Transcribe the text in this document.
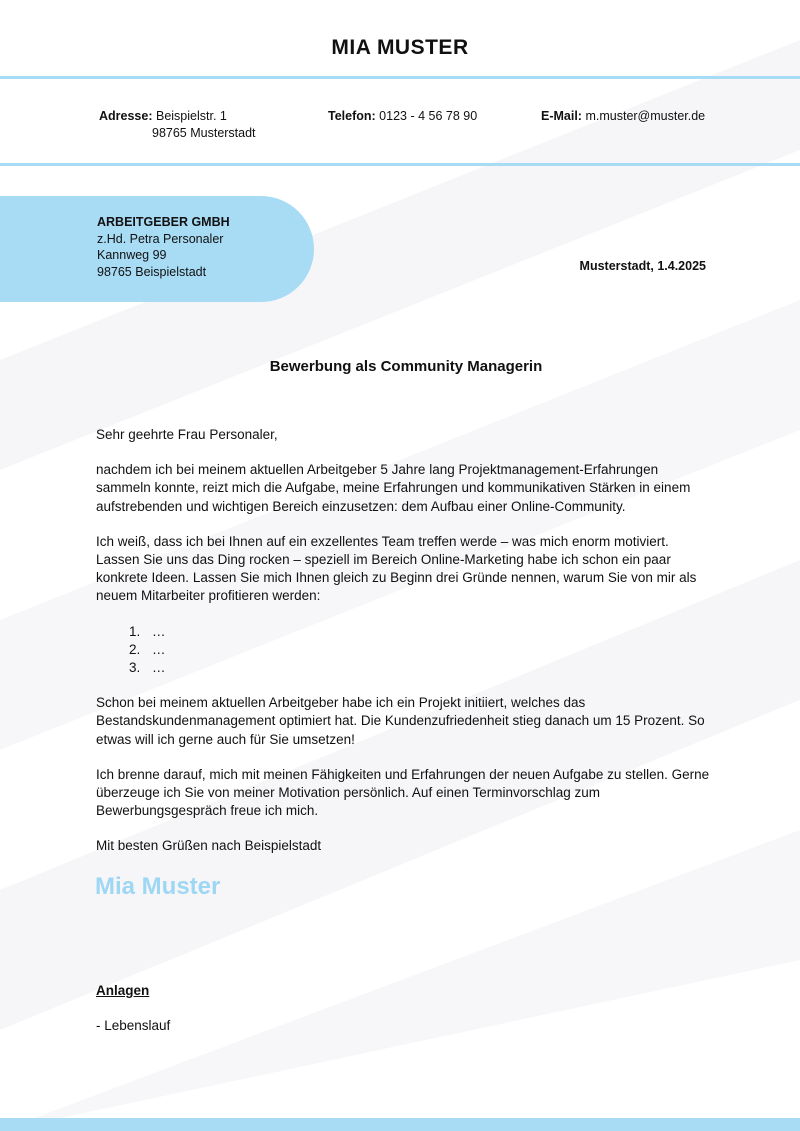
MIA MUSTER
Adresse: Beispielstr. 1
98765 Musterstadt
Telefon: 0123 - 4 56 78 90	E-Mail: m.muster@muster.de
ARBEITGEBER GMBH
z.Hd. Petra Personaler
Kannweg 99
98765 Beispielstadt	Musterstadt, 1.4.2025
Bewerbung als Community Managerin

Sehr geehrte Frau Personaler,

nachdem ich bei meinem aktuellen Arbeitgeber 5 Jahre lang Projektmanagement-Erfahrungen sammeln konnte, reizt mich die Aufgabe, meine Erfahrungen und kommunikativen Stärken in einem aufstrebenden und wichtigen Bereich einzusetzen: dem Aufbau einer Online-Community.

Ich weiß, dass ich bei Ihnen auf ein exzellentes Team treffen werde – was mich enorm motiviert. Lassen Sie uns das Ding rocken – speziell im Bereich Online-Marketing habe ich schon ein paar konkrete Ideen. Lassen Sie mich Ihnen gleich zu Beginn drei Gründe nennen, warum Sie von mir als neuem Mitarbeiter profitieren werden:

1. …
2. …
3. …

Schon bei meinem aktuellen Arbeitgeber habe ich ein Projekt initiiert, welches das Bestandskundenmanagement optimiert hat. Die Kundenzufriedenheit stieg danach um 15 Prozent. So etwas will ich gerne auch für Sie umsetzen!

Ich brenne darauf, mich mit meinen Fähigkeiten und Erfahrungen der neuen Aufgabe zu stellen. Gerne überzeuge ich Sie von meiner Motivation persönlich. Auf einen Terminvorschlag zum Bewerbungsgespräch freue ich mich.

Mit besten Grüßen nach Beispielstadt

Mia Muster
Anlagen
- Lebenslauf
